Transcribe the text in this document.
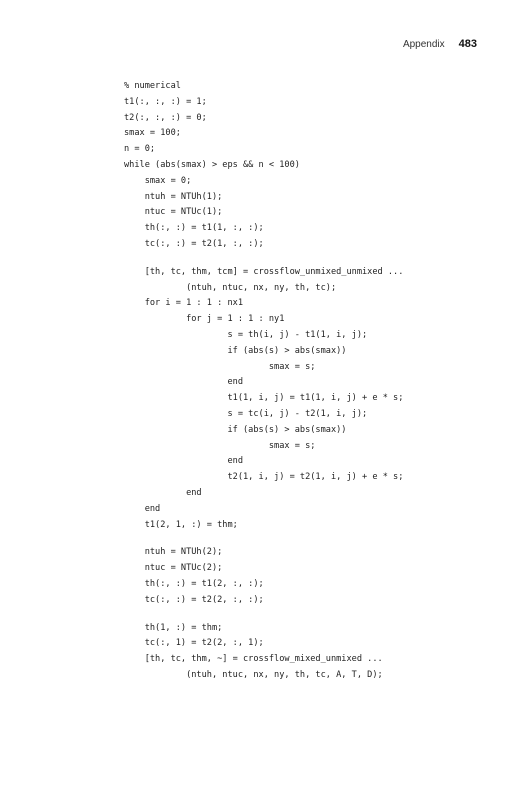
Appendix 483
% numerical
t1(:, :, :) = 1;
t2(:, :, :) = 0;
smax = 100;
n = 0;
while (abs(smax) > eps && n < 100)
smax = 0;
ntuh = NTUh(1);
ntuc = NTUc(1);
th(:, :) = t1(1, :, :);
tc(:, :) = t2(1, :, :);
[th, tc, thm, tcm] = crossflow_unmixed_unmixed ...
(ntuh, ntuc, nx, ny, th, tc);
for i = 1 : 1 : nx1
for j = 1 : 1 : ny1
s = th(i, j) - t1(1, i, j);
if (abs(s) > abs(smax))
smax = s;
end
t1(1, i, j) = t1(1, i, j) + e * s;
s = tc(i, j) - t2(1, i, j);
if (abs(s) > abs(smax))
smax = s;
end
t2(1, i, j) = t2(1, i, j) + e * s;
end
end
t1(2, 1, :) = thm;
ntuh = NTUh(2);
ntuc = NTUc(2);
th(:, :) = t1(2, :, :);
tc(:, :) = t2(2, :, :);
th(1, :) = thm;
tc(:, 1) = t2(2, :, 1);
[th, tc, thm, ~] = crossflow_mixed_unmixed ...
(ntuh, ntuc, nx, ny, th, tc, A, T, D);
